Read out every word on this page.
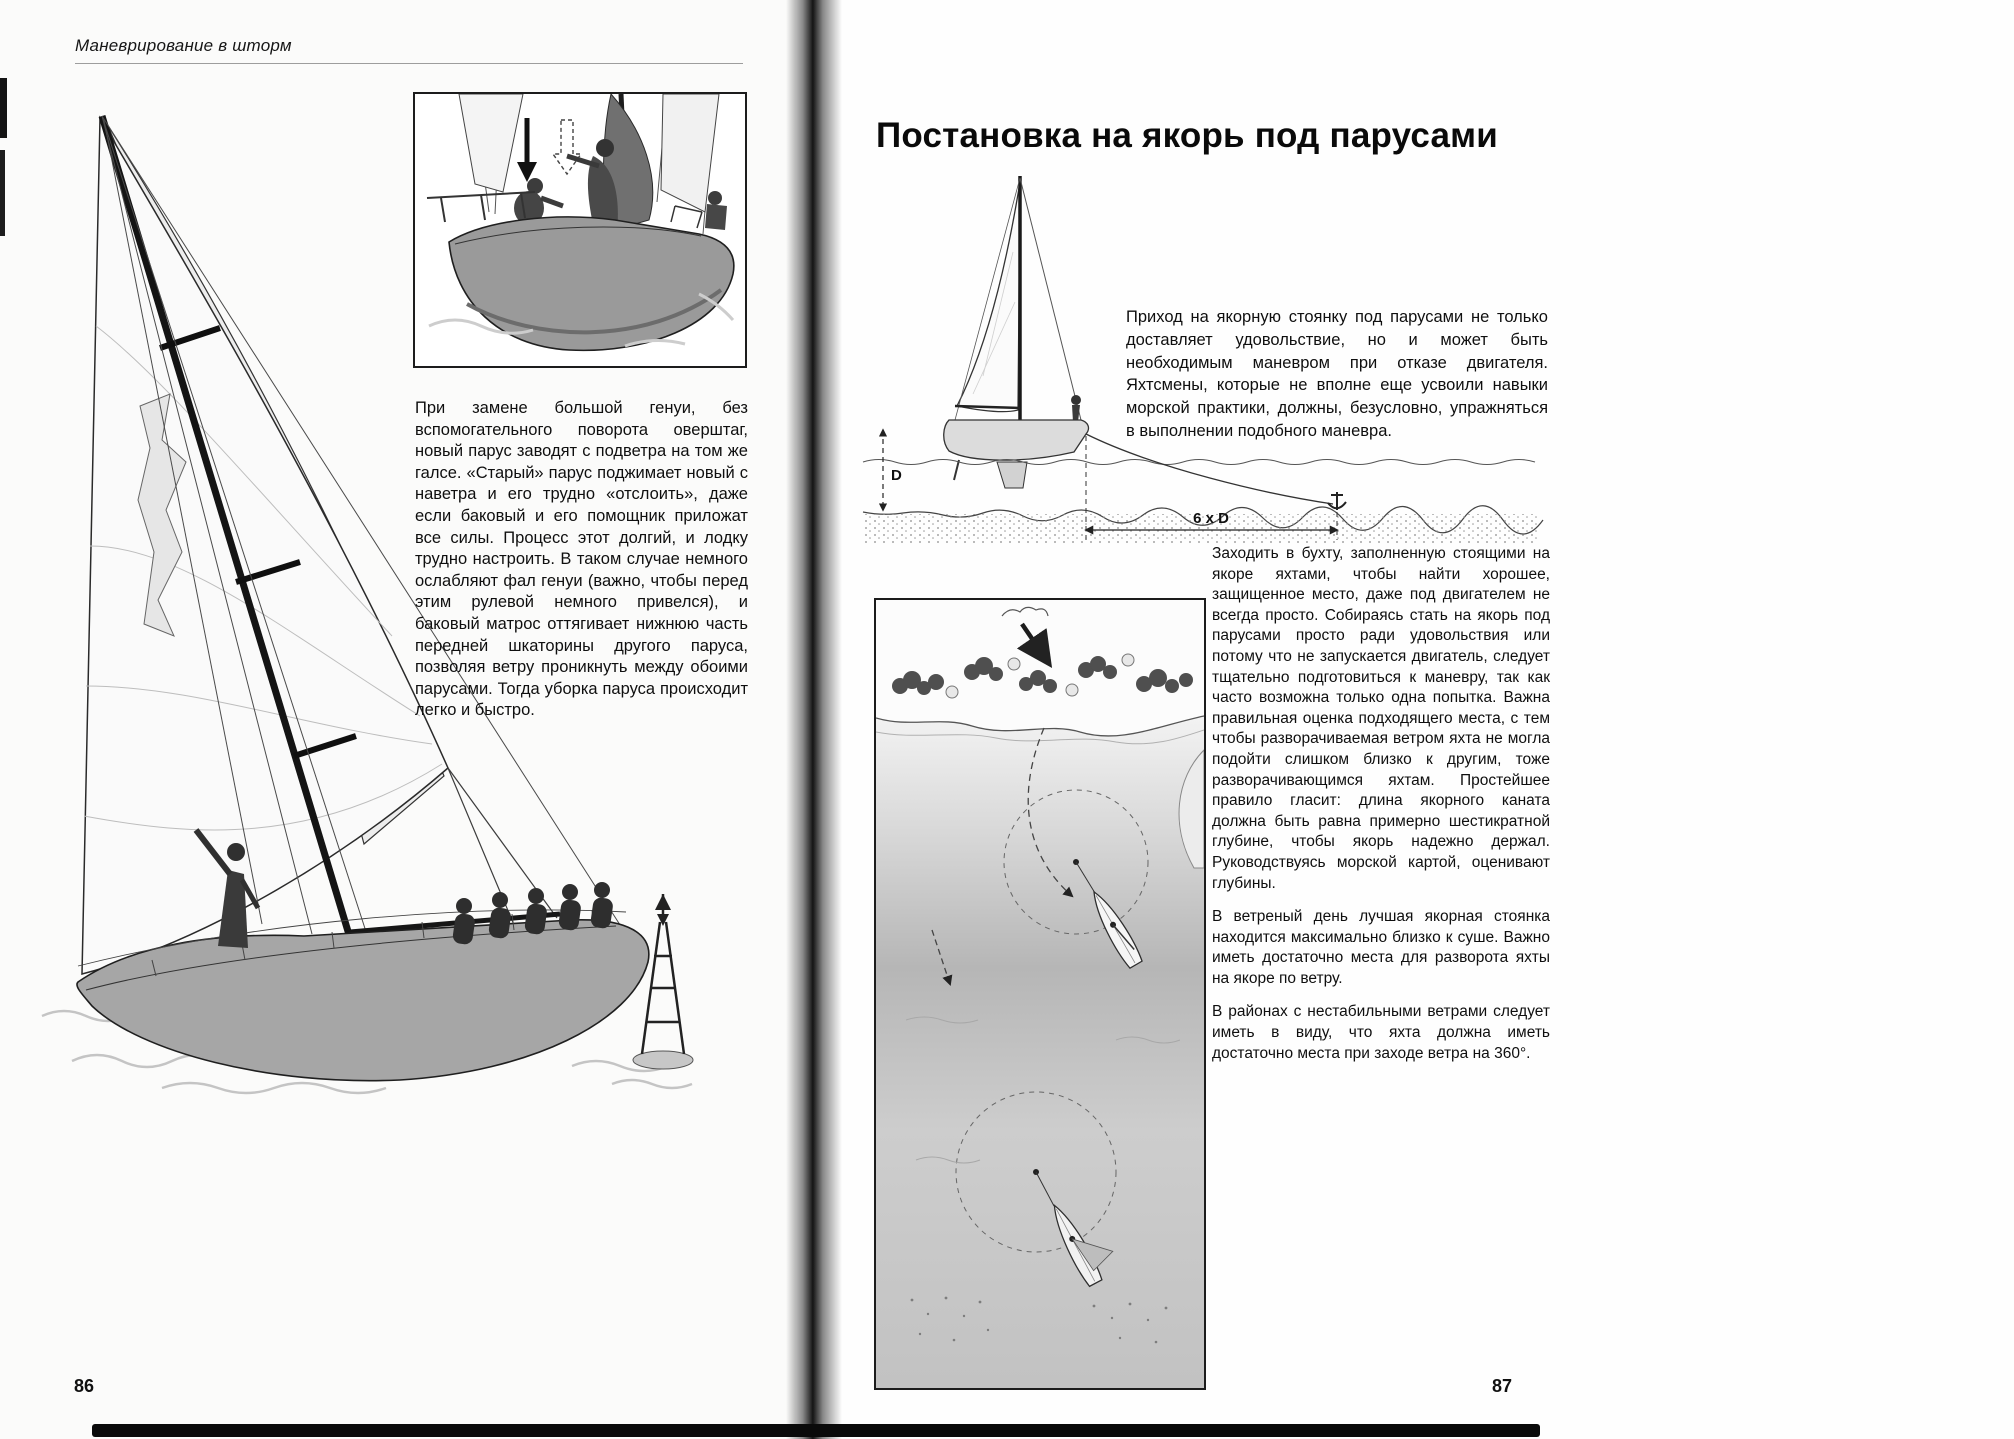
Маневрирование в шторм
При замене большой генуи, без вспомогательного поворота оверштаг, новый парус заводят с подветра на том же галсе. «Старый» парус поджимает новый с наветра и его трудно «отслоить», даже если баковый и его помощник приложат все силы. Процесс этот долгий, и лодку трудно настроить. В таком случае немного ослабляют фал генуи (важно, чтобы перед этим рулевой немного привелся), и баковый матрос оттягивает нижнюю часть передней шкаторины другого паруса, позволяя ветру проникнуть между обоими парусами. Тогда уборка паруса происходит легко и быстро.
86
Постановка на якорь под парусами
D
6 x D
Приход на якорную стоянку под парусами не только доставляет удовольствие, но и может быть необходимым маневром при отказе двигателя. Яхтсмены, которые не вполне еще усвоили навыки морской практики, должны, безусловно, упражняться в выполнении подобного маневра.

Заходить в бухту, заполненную стоящими на якоре яхтами, чтобы найти хорошее, защищенное место, даже под двигателем не всегда просто. Собираясь стать на якорь под парусами просто ради удовольствия или потому что не запускается двигатель, следует тщательно подготовиться к маневру, так как часто возможна только одна попытка. Важна правильная оценка подходящего места, с тем чтобы разворачиваемая ветром яхта не могла подойти слишком близко к другим, тоже разворачивающимся яхтам. Простейшее правило гласит: длина якорного каната должна быть равна примерно шестикратной глубине, чтобы якорь надежно держал. Руководствуясь морской картой, оценивают глубины.

В ветреный день лучшая якорная стоянка находится максимально близко к суше. Важно иметь достаточно места для разворота яхты на якоре по ветру.

В районах с нестабильными ветрами следует иметь в виду, что яхта должна иметь достаточно места при заходе ветра на 360°.

87
